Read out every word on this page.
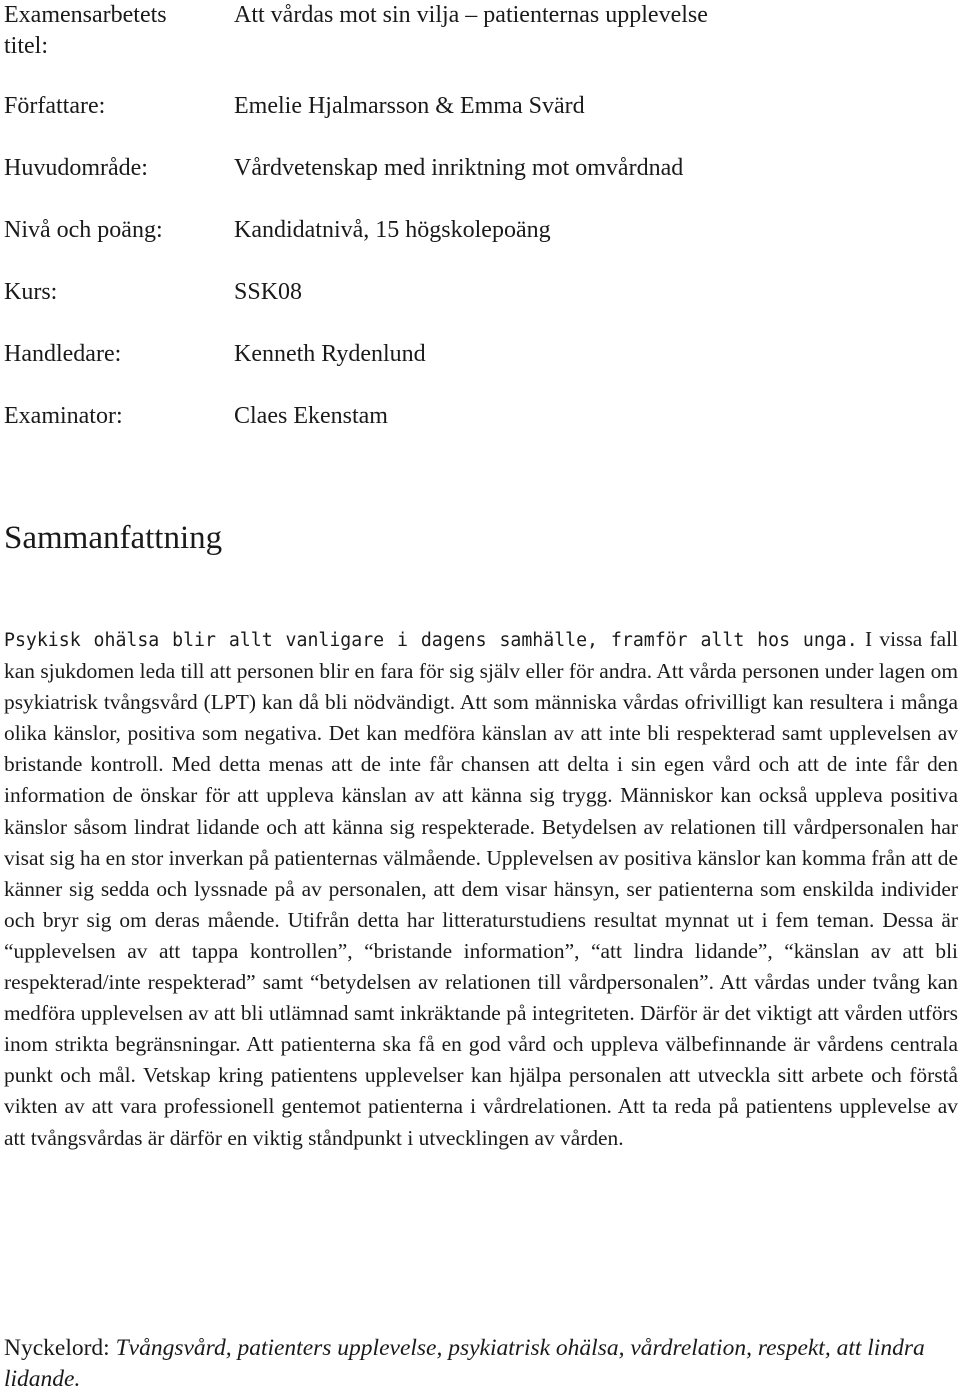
Examensarbetets titel:
Att vårdas mot sin vilja – patienternas upplevelse
Författare:	Emelie Hjalmarsson & Emma Svärd
Huvudområde:	Vårdvetenskap med inriktning mot omvårdnad
Nivå och poäng:	Kandidatnivå, 15 högskolepoäng
Kurs:	SSK08
Handledare:	Kenneth Rydenlund
Examinator:	Claes Ekenstam
Sammanfattning

Psykisk ohälsa blir allt vanligare i dagens samhälle, framför allt hos unga. I vissa fall kan sjukdomen leda till att personen blir en fara för sig själv eller för andra. Att vårda personen under lagen om psykiatrisk tvångsvård (LPT) kan då bli nödvändigt. Att som människa vårdas ofrivilligt kan resultera i många olika känslor, positiva som negativa. Det kan medföra känslan av att inte bli respekterad samt upplevelsen av bristande kontroll. Med detta menas att de inte får chansen att delta i sin egen vård och att de inte får den information de önskar för att uppleva känslan av att känna sig trygg. Människor kan också uppleva positiva känslor såsom lindrat lidande och att känna sig respekterade. Betydelsen av relationen till vårdpersonalen har visat sig ha en stor inverkan på patienternas välmående. Upplevelsen av positiva känslor kan komma från att de känner sig sedda och lyssnade på av personalen, att dem visar hänsyn, ser patienterna som enskilda individer och bryr sig om deras mående. Utifrån detta har litteraturstudiens resultat mynnat ut i fem teman. Dessa är “upplevelsen av att tappa kontrollen”, “bristande information”, “att lindra lidande”, “känslan av att bli respekterad/inte respekterad” samt “betydelsen av relationen till vårdpersonalen”. Att vårdas under tvång kan medföra upplevelsen av att bli utlämnad samt inkräktande på integriteten. Därför är det viktigt att vården utförs inom strikta begränsningar. Att patienterna ska få en god vård och uppleva välbefinnande är vårdens centrala punkt och mål. Vetskap kring patientens upplevelser kan hjälpa personalen att utveckla sitt arbete och förstå vikten av att vara professionell gentemot patienterna i vårdrelationen. Att ta reda på patientens upplevelse av att tvångsvårdas är därför en viktig ståndpunkt i utvecklingen av vården.

Nyckelord: Tvångsvård, patienters upplevelse, psykiatrisk ohälsa, vårdrelation, respekt, att lindra lidande.
